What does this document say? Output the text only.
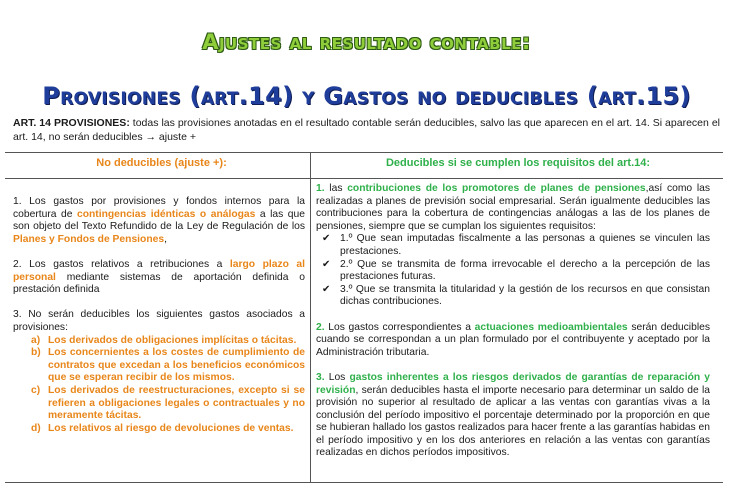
Ajustes al resultado contable:
Provisiones (art.14) y Gastos no deducibles (art.15)
ART. 14 PROVISIONES: todas las provisiones anotadas en el resultado contable serán deducibles, salvo las que aparecen en el art. 14. Si aparecen el art. 14, no serán deducibles → ajuste +
No deducibles (ajuste +):	Deducibles si se cumplen los requisitos del art.14:

1. Los gastos por provisiones y fondos internos para la cobertura de contingencias idénticas o análogas a las que son objeto del Texto Refundido de la Ley de Regulación de los Planes y Fondos de Pensiones,

2. Los gastos relativos a retribuciones a largo plazo al personal mediante sistemas de aportación definida o prestación definida

3. No serán deducibles los siguientes gastos asociados a provisiones:

a) Los derivados de obligaciones implícitas o tácitas.
b) Los concernientes a los costes de cumplimiento de contratos que excedan a los beneficios económicos que se esperan recibir de los mismos.
c) Los derivados de reestructuraciones, excepto si se refieren a obligaciones legales o contractuales y no meramente tácitas.
d) Los relativos al riesgo de devoluciones de ventas.
1. las contribuciones de los promotores de planes de pensiones,así como las realizadas a planes de previsión social empresarial. Serán igualmente deducibles las contribuciones para la cobertura de contingencias análogas a las de los planes de pensiones, siempre que se cumplan los siguientes requisitos:
✔ 1.º Que sean imputadas fiscalmente a las personas a quienes se vinculen las prestaciones.
✔ 2.º Que se transmita de forma irrevocable el derecho a la percepción de las prestaciones futuras.
✔ 3.º Que se transmita la titularidad y la gestión de los recursos en que consistan dichas contribuciones.

2. Los gastos correspondientes a actuaciones medioambientales serán deducibles cuando se correspondan a un plan formulado por el contribuyente y aceptado por la Administración tributaria.

3. Los gastos inherentes a los riesgos derivados de garantías de reparación y revisión, serán deducibles hasta el importe necesario para determinar un saldo de la provisión no superior al resultado de aplicar a las ventas con garantías vivas a la conclusión del período impositivo el porcentaje determinado por la proporción en que se hubieran hallado los gastos realizados para hacer frente a las garantías habidas en el período impositivo y en los dos anteriores en relación a las ventas con garantías realizadas en dichos períodos impositivos.
